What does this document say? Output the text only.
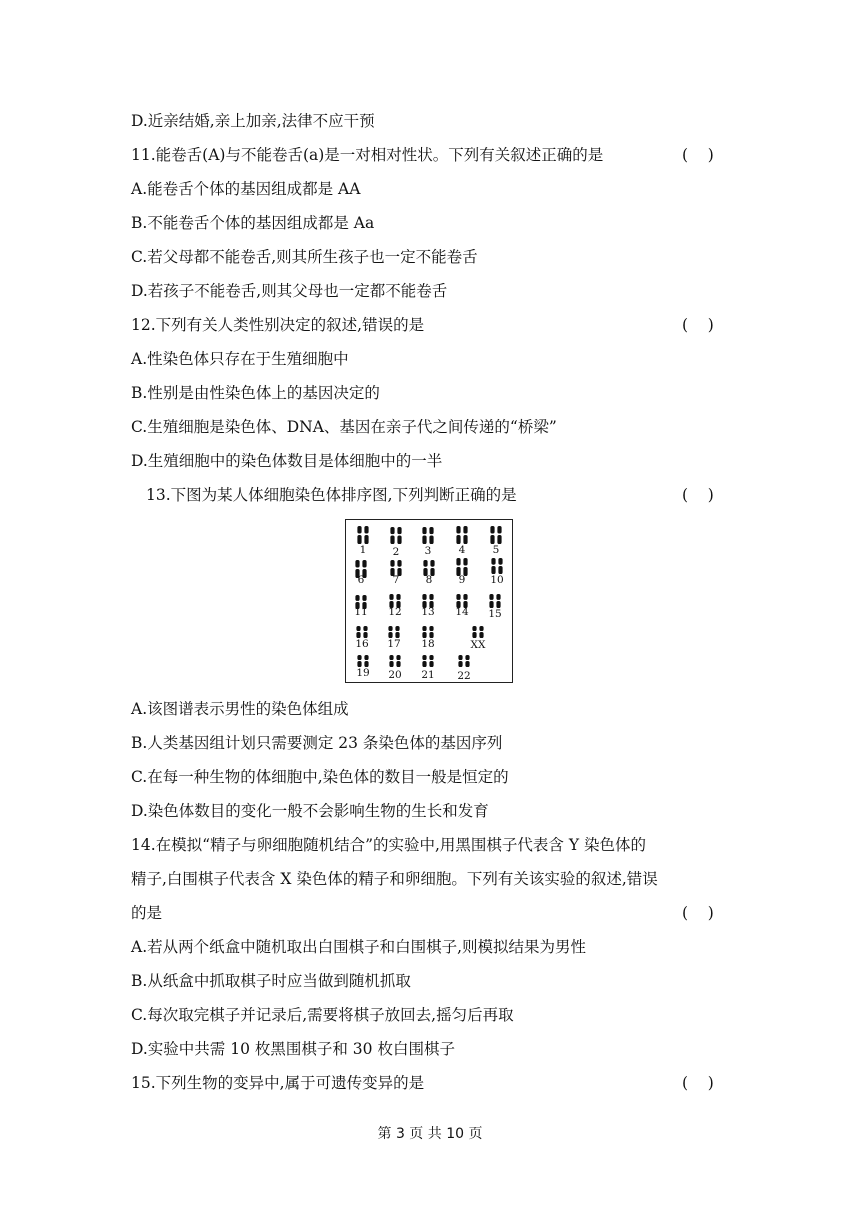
D.近亲结婚,亲上加亲,法律不应干预
11.能卷舌(A)与不能卷舌(a)是一对相对性状。下列有关叙述正确的是	(    )
A.能卷舌个体的基因组成都是 AA
B.不能卷舌个体的基因组成都是 Aa
C.若父母都不能卷舌,则其所生孩子也一定不能卷舌
D.若孩子不能卷舌,则其父母也一定都不能卷舌
12.下列有关人类性别决定的叙述,错误的是	(    )
A.性染色体只存在于生殖细胞中
B.性别是由性染色体上的基因决定的
C.生殖细胞是染色体、DNA、基因在亲子代之间传递的“桥梁”
D.生殖细胞中的染色体数目是体细胞中的一半
13.下图为某人体细胞染色体排序图,下列判断正确的是	(    )
1	2 3	4	5
6	7	8	9 10
11 12 13 14 15
16 17 18	XX
19 20 21 22
A.该图谱表示男性的染色体组成
B.人类基因组计划只需要测定 23 条染色体的基因序列
C.在每一种生物的体细胞中,染色体的数目一般是恒定的
D.染色体数目的变化一般不会影响生物的生长和发育
14.在模拟“精子与卵细胞随机结合”的实验中,用黑围棋子代表含 Y 染色体的
精子,白围棋子代表含 X 染色体的精子和卵细胞。下列有关该实验的叙述,错误
的是	(    )
A.若从两个纸盒中随机取出白围棋子和白围棋子,则模拟结果为男性
B.从纸盒中抓取棋子时应当做到随机抓取
C.每次取完棋子并记录后,需要将棋子放回去,摇匀后再取
D.实验中共需 10 枚黑围棋子和 30 枚白围棋子
15.下列生物的变异中,属于可遗传变异的是	(    )
第 3 页 共 10 页
